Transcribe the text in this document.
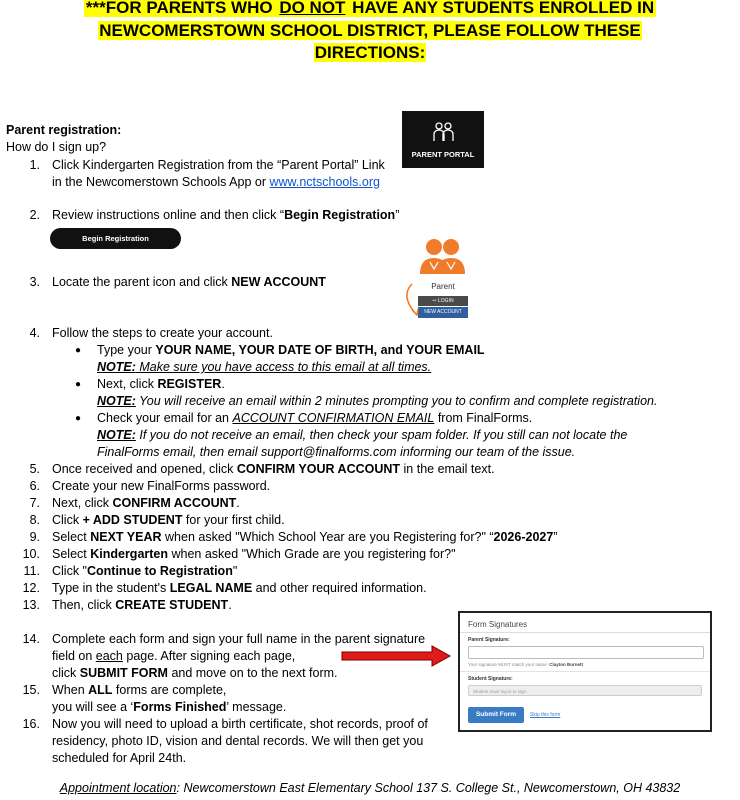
***FOR PARENTS WHO DO NOT HAVE ANY STUDENTS ENROLLED IN
NEWCOMERSTOWN SCHOOL DISTRICT, PLEASE FOLLOW THESE
DIRECTIONS:
Parent registration:
How do I sign up?
PARENT PORTAL
1. Click Kindergarten Registration from the “Parent Portal” Link
in the Newcomerstown Schools App or www.nctschools.org
2. Review instructions online and then click “Begin Registration”
Begin Registration
Parent
⇨ LOGIN
NEW ACCOUNT
3. Locate the parent icon and click NEW ACCOUNT
4. Follow the steps to create your account.
● Type your YOUR NAME, YOUR DATE OF BIRTH, and YOUR EMAIL
NOTE: Make sure you have access to this email at all times.
● Next, click REGISTER.
NOTE: You will receive an email within 2 minutes prompting you to confirm and complete registration.
● Check your email for an ACCOUNT CONFIRMATION EMAIL from FinalForms.
NOTE: If you do not receive an email, then check your spam folder. If you still can not locate the
FinalForms email, then email support@finalforms.com informing our team of the issue.
5. Once received and opened, click CONFIRM YOUR ACCOUNT in the email text.
6. Create your new FinalForms password.
7. Next, click CONFIRM ACCOUNT.
8. Click + ADD STUDENT for your first child.
9. Select NEXT YEAR when asked "Which School Year are you Registering for?" “2026-2027”
10. Select Kindergarten when asked "Which Grade are you registering for?"
11. Click "Continue to Registration"
12. Type in the student's LEGAL NAME and other required information.
13. Then, click CREATE STUDENT.
14. Complete each form and sign your full name in the parent signature
field on each page. After signing each page,
click SUBMIT FORM and move on to the next form.
15. When ALL forms are complete,
you will see a ‘Forms Finished’ message.
16. Now you will need to upload a birth certificate, shot records, proof of
residency, photo ID, vision and dental records. We will then get you
scheduled for April 24th.
Form Signatures
Parent Signature:
Your signature MUST match your name: Clayton Burnett
Student Signature:
Student must log in to sign
Submit Form	Skip this form
Appointment location: Newcomerstown East Elementary School 137 S. College St., Newcomerstown, OH 43832
